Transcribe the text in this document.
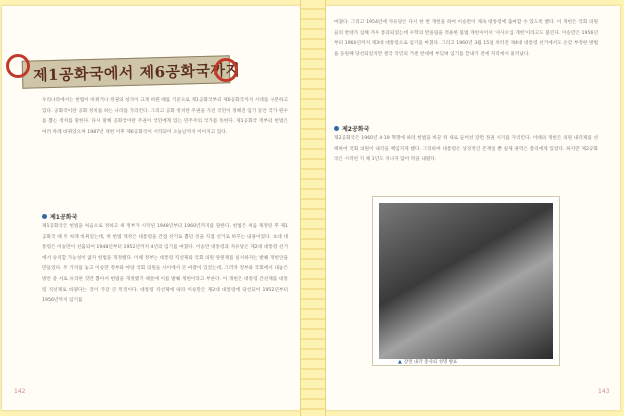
제1공화국에서 제6공화국까지
우리나라에서는 헌법이 바뀌거나 정권의 성격이 크게 바뀐 때를 기준으로 제1공화국부터 제6공화국까지 시대를 구분하고 있다. 공화국이란 공화 정치를 하는 나라를 가리킨다. 그리고 공화 정치란 주권을 가진 국민이 정해진 임기 동안 국가 원수를 뽑는 정치를 말한다. 다시 말해 공화국이란 주권이 국민에게 있는 민주주의 국가를 뜻한다. 제1공화국 정부터 헌법은 여러 차례 바뀌었으며 1987년 개헌 이후 제6공화국이 시작되어 오늘날까지 이어지고 있다.
제1공화국
제1공화국은 헌법을 처음으로 정하고 새 정부가 시작된 1948년부터 1960년까지를 말한다. 헌법은 처음 제정된 후 제1공화국 때 두 차례 바뀌었는데, 첫 헌법 개정은 대통령을 간접 선거로 뽑던 것을 직접 선거로 바꾸는 내용이었다. 초대 대통령은 이승만이 선출되어 1948년부터 1952년까지 4년의 임기를 마쳤다. 이승만 대통령과 자유당은 제2대 대통령 선거에서 승리할 가능성이 없자 헌법을 개정했다. 이때 정부는 대통령 직선제와 국회 의원 양원제를 실시하자는 발췌 개헌안을 만들었다. 두 가지를 놓고 이승만 정부와 야당 국회 의원들 사이에서 큰 마찰이 있었는데, 그러자 정부와 국회에서 내놓은 방안 중 서로 유리한 것만 뽑아서 헌법을 개정했기 때문에 이를 발췌 개헌이라고 부른다. 이 개헌은 대통령 간선제를 대통령 직선제로 바꿨다는 것이 가장 큰 특징이다. 대통령 직선제에 따라 이승만은 제2대 대통령에 당선되어 1952년부터 1956년까지 임기를
142
마쳤다. 그리고 1954년에 자유당은 다시 한 번 개헌을 하여 이승만이 계속 대통령에 출마할 수 있도록 했다. 이 개헌은 국회 의원들의 반대가 심해 겨우 통과되었는데 수학의 반올림을 적용한 불법 개헌이어서 '사사오입 개헌'이라고도 불린다. 이승만은 1956년부터 1960년까지 제3대 대통령으로 임기를 마쳤다. 그리고 1960년 3월 15일 치러진 제4대 대통령 선거에서도 온갖 부정한 방법을 동원해 당선되었지만 결국 국민의 거센 반대에 부딪혀 임기를 끝내기 전에 자리에서 물러났다.
제2공화국
제2공화국은 1960년 4·19 혁명에 따라 헌법을 바꾼 뒤 새로 들어선 장면 정권 시기를 가리킨다. 이때의 개헌은 의원 내각제를 선택하여 국회 의원이 내각을 책임지게 했다. 그리하여 대통령은 상징적인 존재일 뿐 실제 권력은 총리에게 있었다. 하지만 제2공화국은 시작된 지 채 1년도 지나지 않아 막을 내렸다.
▲ 장면 내각 총사퇴 성명 발표
143
